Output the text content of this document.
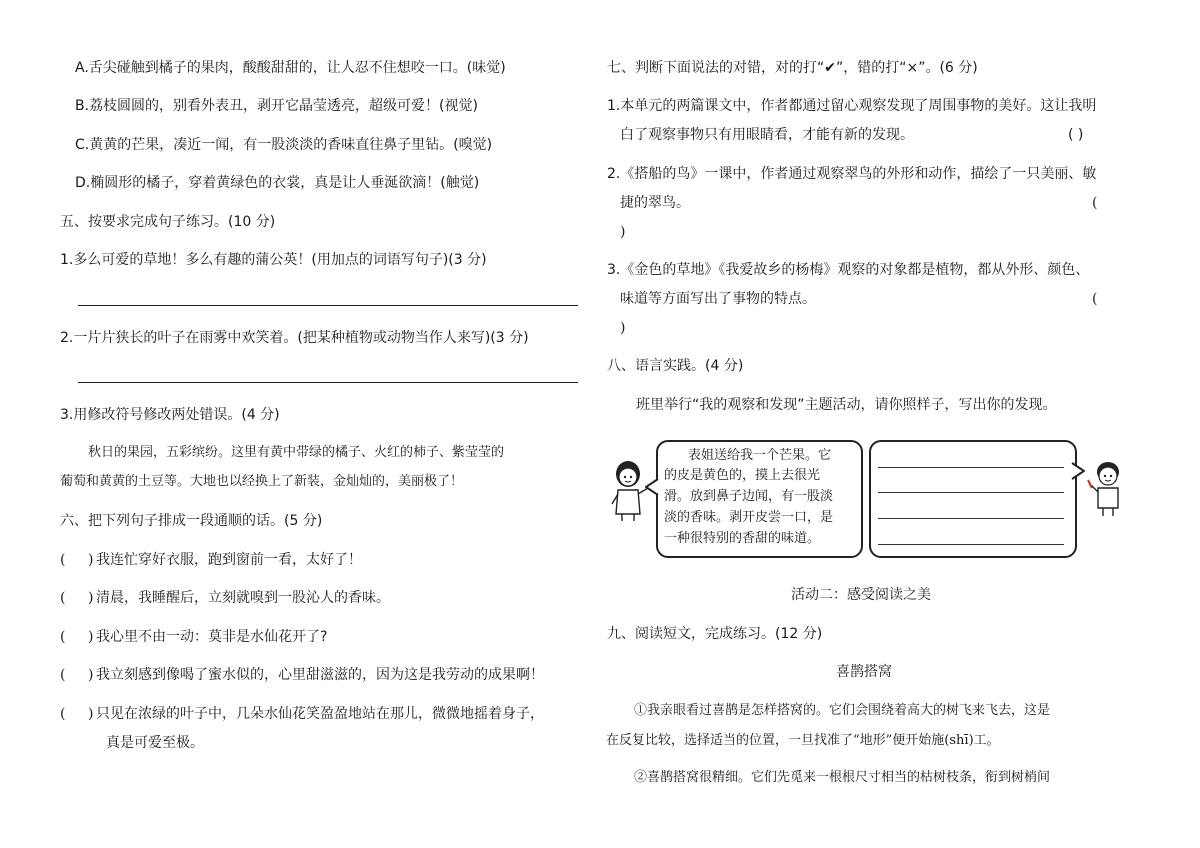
A.舌尖碰触到橘子的果肉，酸酸甜甜的，让人忍不住想咬一口。(味觉)
B.荔枝圆圆的，别看外表丑，剥开它晶莹透亮，超级可爱！(视觉)
C.黄黄的芒果，凑近一闻，有一股淡淡的香味直往鼻子里钻。(嗅觉)
D.椭圆形的橘子，穿着黄绿色的衣裳，真是让人垂涎欲滴！(触觉)
五、按要求完成句子练习。(10 分)
1.多么可爱的草地！多么有趣的蒲公英！(用加点的词语写句子)(3 分)
2.一片片狭长的叶子在雨雾中欢笑着。(把某种植物或动物当作人来写)(3 分)
3.用修改符号修改两处错误。(4 分)
秋日的果园，五彩缤纷。这里有黄中带绿的橘子、火红的柿子、紫莹莹的
葡萄和黄黄的土豆等。大地也以经换上了新装，金灿灿的，美丽极了！
六、把下列句子排成一段通顺的话。(5 分)
( ) 我连忙穿好衣服，跑到窗前一看，太好了！
( ) 清晨，我睡醒后，立刻就嗅到一股沁人的香味。
( ) 我心里不由一动：莫非是水仙花开了?
( ) 我立刻感到像喝了蜜水似的，心里甜滋滋的，因为这是我劳动的成果啊！
( ) 只见在浓绿的叶子中，几朵水仙花笑盈盈地站在那儿，微微地摇着身子，
真是可爱至极。
七、判断下面说法的对错，对的打“✔”，错的打“×”。(6 分)
1.本单元的两篇课文中，作者都通过留心观察发现了周围事物的美好。这让我明
白了观察事物只有用眼睛看，才能有新的发现。	( )
2.《搭船的鸟》一课中，作者通过观察翠鸟的外形和动作，描绘了一只美丽、敏
捷的翠鸟。	(
)
3.《金色的草地》《我爱故乡的杨梅》观察的对象都是植物，都从外形、颜色、
味道等方面写出了事物的特点。	(
)
八、语言实践。(4 分)
班里举行“我的观察和发现”主题活动，请你照样子，写出你的发现。
表姐送给我一个芒果。它
的皮是黄色的，摸上去很光
滑。放到鼻子边闻，有一股淡
淡的香味。剥开皮尝一口，是
一种很特别的香甜的味道。
活动二：感受阅读之美
九、阅读短文，完成练习。(12 分)
喜鹊搭窝
①我亲眼看过喜鹊是怎样搭窝的。它们会围绕着高大的树飞来飞去，这是
在反复比较，选择适当的位置，一旦找准了“地形”便开始施(shī)工。
②喜鹊搭窝很精细。它们先觅来一根根尺寸相当的枯树枝条，衔到树梢间
